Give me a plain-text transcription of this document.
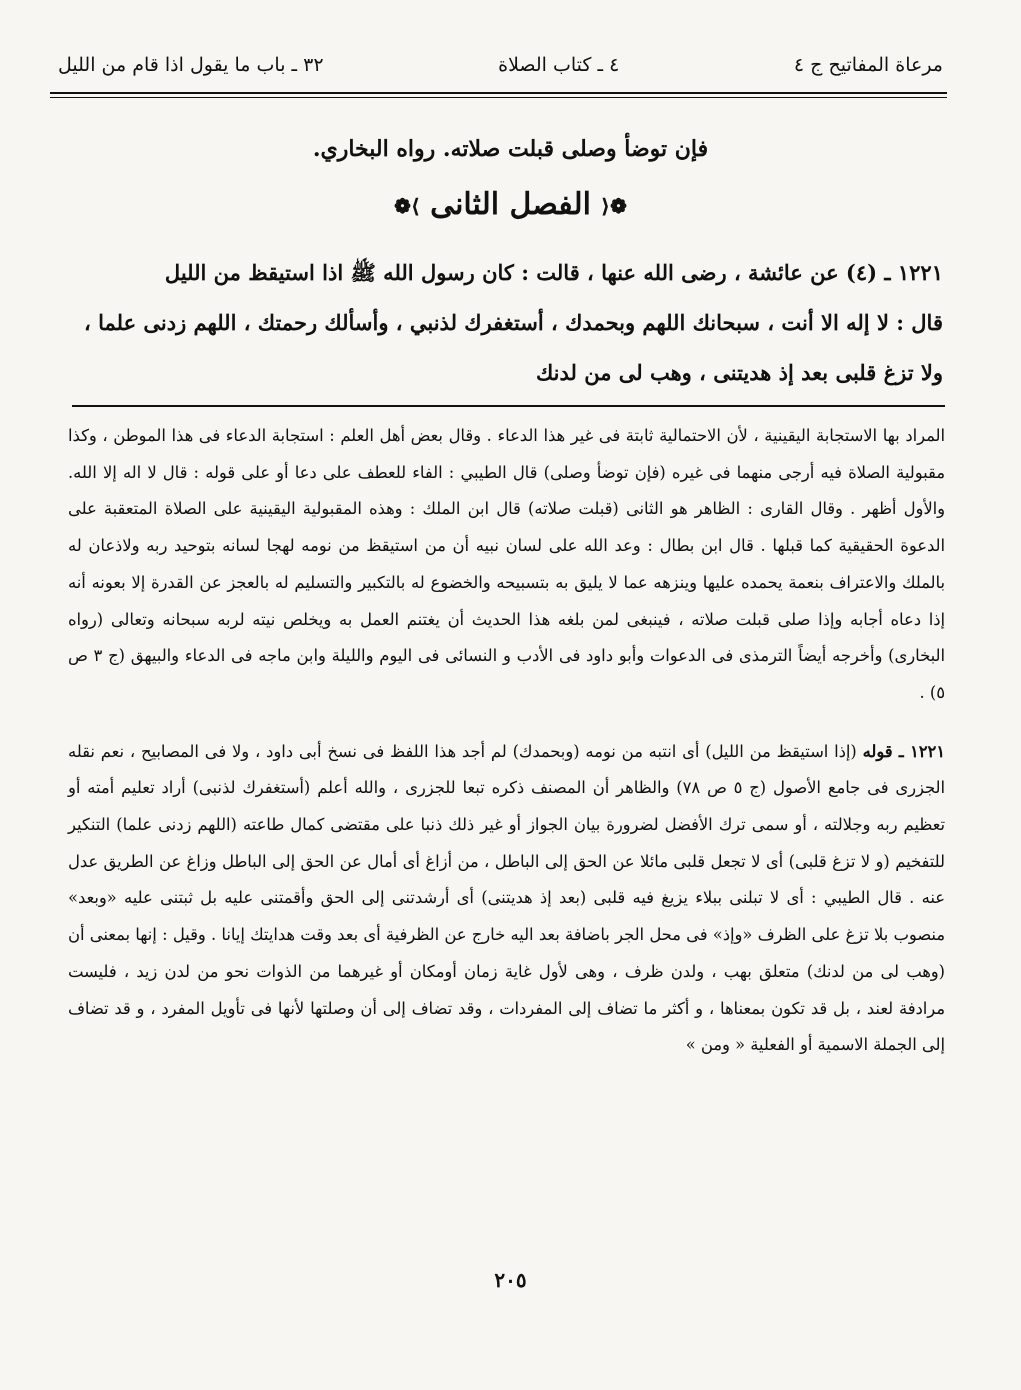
مرعاة المفاتيح ج ٤
٤ ـ كتاب الصلاة
٣٢ ـ باب ما يقول اذا قام من الليل
فإن توضأ وصلى قبلت صلاته. رواه البخاري.
❁⟨الفصل الثانى⟩❁
١٢٢١ ـ (٤) عن عائشة ، رضى الله عنها ، قالت : كان رسول الله ﷺ اذا استيقظ من الليل
قال : لا إله الا أنت ، سبحانك اللهم وبحمدك ، أستغفرك لذنبي ، وأسألك رحمتك ، اللهم زدنى علما ،
ولا تزغ قلبى بعد إذ هديتنى ، وهب لى من لدنك
المراد بها الاستجابة اليقينية ، لأن الاحتمالية ثابتة فى غير هذا الدعاء . وقال بعض أهل العلم : استجابة الدعاء فى هذا الموطن ، وكذا مقبولية الصلاة فيه أرجى منهما فى غيره (فإن توضأ وصلى) قال الطيبي : الفاء للعطف على دعا أو على قوله : قال لا اله إلا الله. والأول أظهر . وقال القارى : الظاهر هو الثانى (قبلت صلاته) قال ابن الملك : وهذه المقبولية اليقينية على الصلاة المتعقبة على الدعوة الحقيقية كما قبلها . قال ابن بطال : وعد الله على لسان نبيه أن من استيقظ من نومه لهجا لسانه بتوحيد ربه ولاذعان له بالملك والاعتراف بنعمة يحمده عليها وينزهه عما لا يليق به بتسبيحه والخضوع له بالتكبير والتسليم له بالعجز عن القدرة إلا بعونه أنه إذا دعاه أجابه وإذا صلى قبلت صلاته ، فينبغى لمن بلغه هذا الحديث أن يغتنم العمل به ويخلص نيته لربه سبحانه وتعالى (رواه البخارى) وأخرجه أيضاً الترمذى فى الدعوات وأبو داود فى الأدب و النسائى فى اليوم والليلة وابن ماجه فى الدعاء والبيهق (ج ٣ ص ٥) .
١٢٢١ ـ قوله (إذا استيقظ من الليل) أى انتبه من نومه (وبحمدك) لم أجد هذا اللفظ فى نسخ أبى داود ، ولا فى المصابيح ، نعم نقله الجزرى فى جامع الأصول (ج ٥ ص ٧٨) والظاهر أن المصنف ذكره تبعا للجزرى ، والله أعلم (أستغفرك لذنبى) أراد تعليم أمته أو تعظيم ربه وجلالته ، أو سمى ترك الأفضل لضرورة بيان الجواز أو غير ذلك ذنبا على مقتضى كمال طاعته (اللهم زدنى علما) التنكير للتفخيم (و لا تزغ قلبى) أى لا تجعل قلبى مائلا عن الحق إلى الباطل ، من أزاغ أى أمال عن الحق إلى الباطل وزاغ عن الطريق عدل عنه . قال الطيبي : أى لا تبلنى ببلاء يزيغ فيه قلبى (بعد إذ هديتنى) أى أرشدتنى إلى الحق وأقمتنى عليه بل ثبتنى عليه «وبعد» منصوب بلا تزغ على الظرف «وإذ» فى محل الجر باضافة بعد اليه خارج عن الظرفية أى بعد وقت هدايتك إيانا . وقيل : إنها بمعنى أن (وهب لى من لدنك) متعلق بهب ، ولدن ظرف ، وهى لأول غاية زمان أومكان أو غيرهما من الذوات نحو من لدن زيد ، فليست مرادفة لعند ، بل قد تكون بمعناها ، و أكثر ما تضاف إلى المفردات ، وقد تضاف إلى أن وصلتها لأنها فى تأويل المفرد ، و قد تضاف إلى الجملة الاسمية أو الفعلية « ومن »
٢٠٥
